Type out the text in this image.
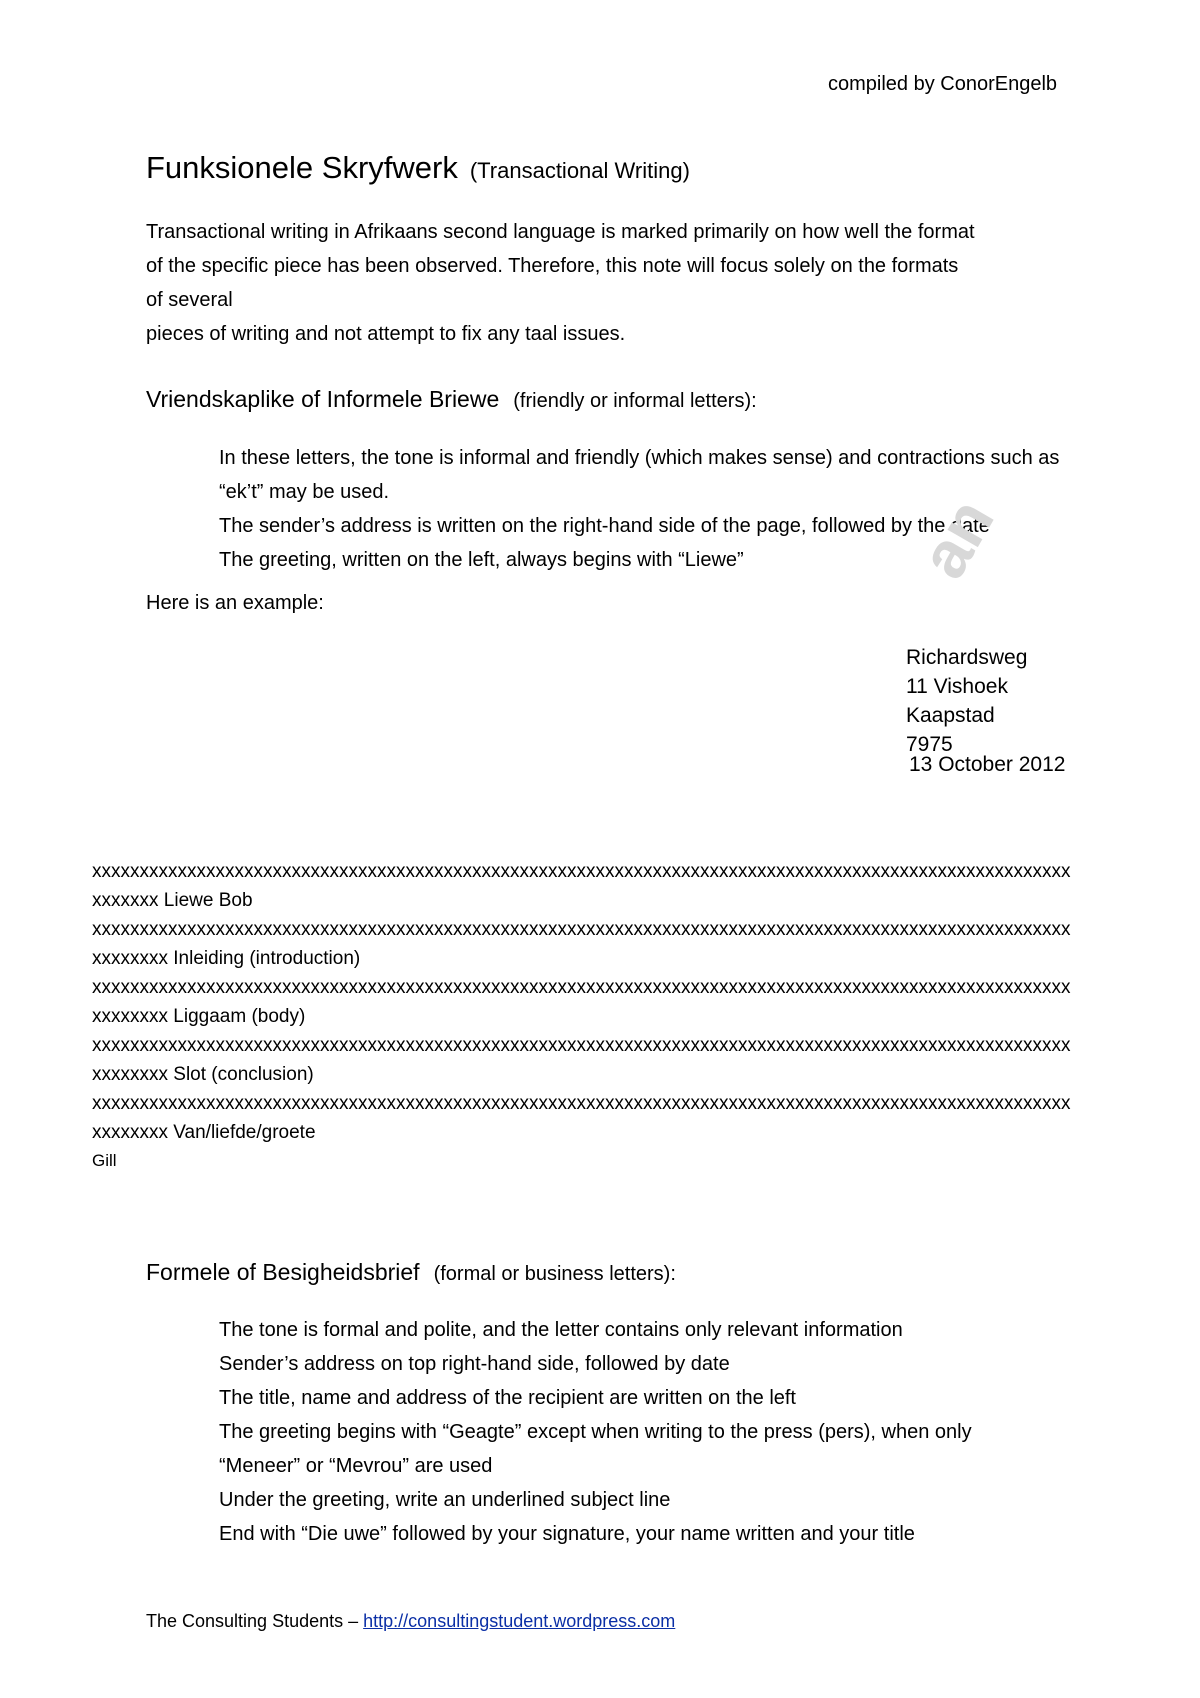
compiled by ConorEngelb
Funksionele Skryfwerk (Transactional Writing)

Transactional writing in Afrikaans second language is marked primarily on how well the format

of the specific piece has been observed. Therefore, this note will focus solely on the formats

of several

pieces of writing and not attempt to fix any taal issues.

Vriendskaplike of Informele Briewe (friendly or informal letters):
In these letters, the tone is informal and friendly (which makes sense) and contractions such as “ek’t” may be used.
The sender’s address is written on the right-hand side of the page, followed by the date
The greeting, written on the left, always begins with “Liewe”	an
Here is an example:
Richardsweg
11 Vishoek
Kaapstad
7975
13 October 2012
xxxxxxxxxxxxxxxxxxxxxxxxxxxxxxxxxxxxxxxxxxxxxxxxxxxxxxxxxxxxxxxxxxxxxxxxxxxxxxxxxxxxxxxxxxxxxxxxxxxxxxx
xxxxxxx Liewe Bob
xxxxxxxxxxxxxxxxxxxxxxxxxxxxxxxxxxxxxxxxxxxxxxxxxxxxxxxxxxxxxxxxxxxxxxxxxxxxxxxxxxxxxxxxxxxxxxxxxxxxxxx
xxxxxxxx Inleiding (introduction)
xxxxxxxxxxxxxxxxxxxxxxxxxxxxxxxxxxxxxxxxxxxxxxxxxxxxxxxxxxxxxxxxxxxxxxxxxxxxxxxxxxxxxxxxxxxxxxxxxxxxxxx
xxxxxxxx Liggaam (body)
xxxxxxxxxxxxxxxxxxxxxxxxxxxxxxxxxxxxxxxxxxxxxxxxxxxxxxxxxxxxxxxxxxxxxxxxxxxxxxxxxxxxxxxxxxxxxxxxxxxxxxx
xxxxxxxx Slot (conclusion)
xxxxxxxxxxxxxxxxxxxxxxxxxxxxxxxxxxxxxxxxxxxxxxxxxxxxxxxxxxxxxxxxxxxxxxxxxxxxxxxxxxxxxxxxxxxxxxxxxxxxxxx
xxxxxxxx Van/liefde/groete
Gill
Formele of Besigheidsbrief (formal or business letters):
The tone is formal and polite, and the letter contains only relevant information
Sender’s address on top right-hand side, followed by date
The title, name and address of the recipient are written on the left
The greeting begins with “Geagte” except when writing to the press (pers), when only “Meneer” or “Mevrou” are used
Under the greeting, write an underlined subject line
End with “Die uwe” followed by your signature, your name written and your title
The Consulting Students – http://consultingstudent.wordpress.com
